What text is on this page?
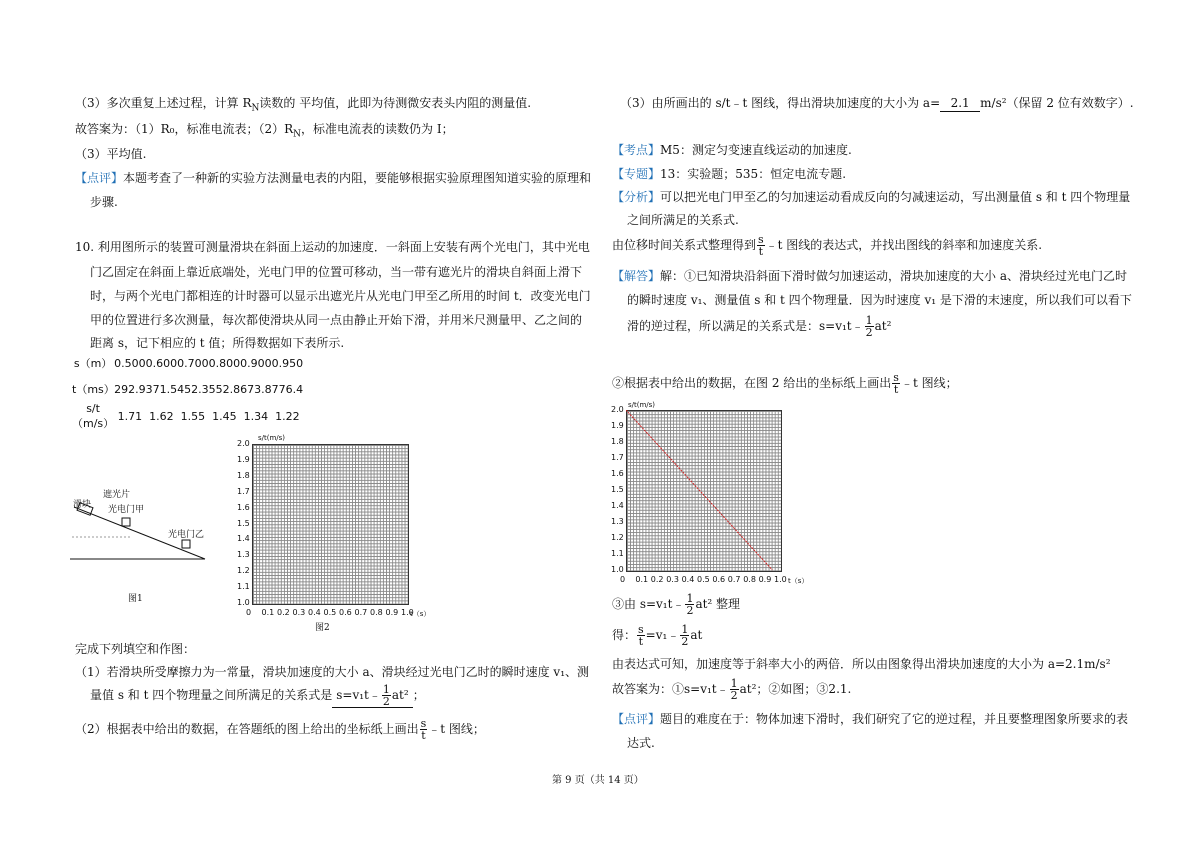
（3）多次重复上述过程，计算 $R_N$读数的 平均值，此即为待测微安表头内阻的测量值.
故答案为：（1）R₀，标准电流表；$(2)R_N$，标准电流表的读数仍为 I；
（3）平均值.
【点评】本题考查了一种新的实验方法测量电表的内阻，要能够根据实验原理图知道实验的原理和
步骤.
10. 利用图所示的装置可测量滑块在斜面上运动的加速度．一斜面上安装有两个光电门，其中光电
门乙固定在斜面上靠近底端处，光电门甲的位置可移动，当一带有遮光片的滑块自斜面上滑下
时，与两个光电门都相连的计时器可以显示出遮光片从光电门甲至乙所用的时间 t．改变光电门
甲的位置进行多次测量，每次都使滑块从同一点由静止开始下滑，并用米尺测量甲、乙之间的
距离 s，记下相应的 t 值；所得数据如下表所示.
s（m）	0.500	0.600	0.700	0.800	0.900	0.950
t（ms）	292.9	371.5	452.3	552.8	673.8	776.4
s/t（m/s）	1.71	1.62	1.55	1.45	1.34	1.22
滑块
遮光片
光电门甲
光电门乙
图1
s/t(m/s)
2.0
1.9
1.8
1.7
1.6
1.5
1.4
1.3
1.2
1.1
1.0
0 0.1 0.2 0.3 0.4 0.5 0.6 0.7 0.8 0.9 1.0
t（s）
图2
完成下列填空和作图：
（1）若滑块所受摩擦力为一常量，滑块加速度的大小 a、滑块经过光电门乙时的瞬时速度 v₁、测
量值 s 和 t 四个物理量之间所满足的关系式是 s=v₁t﹣ $\frac{1}{2} at^2$ ；
（2）根据表中给出的数据，在答题纸的图上给出的坐标纸上画出 $\frac{s}{t}$ ﹣t 图线；
（3）由所画出的 s/t﹣t 图线，得出滑块加速度的大小为 a= 2.1 m/s²（保留 2 位有效数字）.
【考点】M5：测定匀变速直线运动的加速度.
【专题】13：实验题；535：恒定电流专题.
【分析】可以把光电门甲至乙的匀加速运动看成反向的匀减速运动，写出测量值 s 和 t 四个物理量
之间所满足的关系式.
由位移时间关系式整理得到 $\frac{s}{t}$ ﹣t 图线的表达式，并找出图线的斜率和加速度关系.
【解答】解：①已知滑块沿斜面下滑时做匀加速运动，滑块加速度的大小 a、滑块经过光电门乙时
的瞬时速度 v₁、测量值 s 和 t 四个物理量．因为时速度 v₁ 是下滑的末速度，所以我们可以看下
滑的逆过程，所以满足的关系式是：s=v₁t﹣ $\frac{1}{2} at^2$
②根据表中给出的数据，在图 2 给出的坐标纸上画出 $\frac{s}{t}$ ﹣t 图线；
s/t(m/s)
2.0
1.9
1.8
1.7
1.6
1.5
1.4
1.3
1.2
1.1
1.0
0 0.1 0.2 0.3 0.4 0.5 0.6 0.7 0.8 0.9 1.0 t（s）
③由 s=v₁t﹣ $\frac{1}{2} at^2$ 整理
得： $\frac{s}{t}$ =v₁﹣ $\frac{1}{2}$ at
由表达式可知，加速度等于斜率大小的两倍．所以由图象得出滑块加速度的大小为 a=2.1m/s²
故答案为：①s=v₁t﹣ $\frac{1}{2} at^2$；②如图；③2.1.
【点评】题目的难度在于：物体加速下滑时，我们研究了它的逆过程，并且要整理图象所要求的表
达式.
第 9 页（共 14 页）
